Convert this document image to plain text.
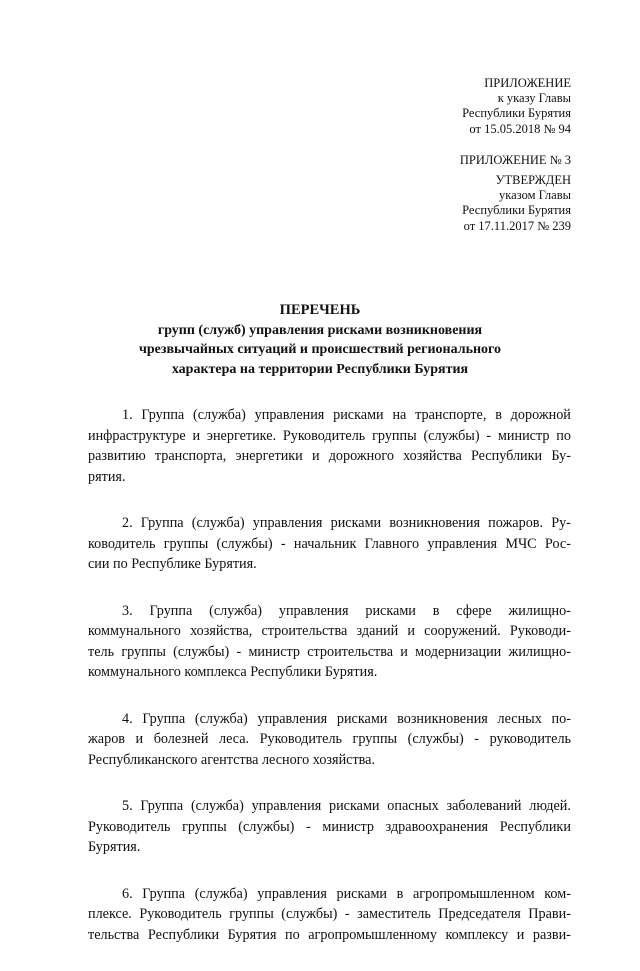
ПРИЛОЖЕНИЕ
к указу Главы
Республики Бурятия
от 15.05.2018 № 94
ПРИЛОЖЕНИЕ № 3
УТВЕРЖДЕН
указом Главы
Республики Бурятия
от 17.11.2017 № 239
ПЕРЕЧЕНЬ
групп (служб) управления рисками возникновения
чрезвычайных ситуаций и происшествий регионального
характера на территории Республики Бурятия
1. Группа (служба) управления рисками на транспорте, в дорожной
инфраструктуре и энергетике. Руководитель группы (службы) - министр по
развитию транспорта, энергетики и дорожного хозяйства Республики Бу-
рятия.
2. Группа (служба) управления рисками возникновения пожаров. Ру-
ководитель группы (службы) - начальник Главного управления МЧС Рос-
сии по Республике Бурятия.
3. Группа (служба) управления рисками в сфере жилищно-
коммунального хозяйства, строительства зданий и сооружений. Руководи-
тель группы (службы) - министр строительства и модернизации жилищно-
коммунального комплекса Республики Бурятия.
4. Группа (служба) управления рисками возникновения лесных по-
жаров и болезней леса. Руководитель группы (службы) - руководитель
Республиканского агентства лесного хозяйства.
5. Группа (служба) управления рисками опасных заболеваний людей.
Руководитель группы (службы) - министр здравоохранения Республики
Бурятия.
6. Группа (служба) управления рисками в агропромышленном ком-
плексе. Руководитель группы (службы) - заместитель Председателя Прави-
тельства Республики Бурятия по агропромышленному комплексу и разви-
